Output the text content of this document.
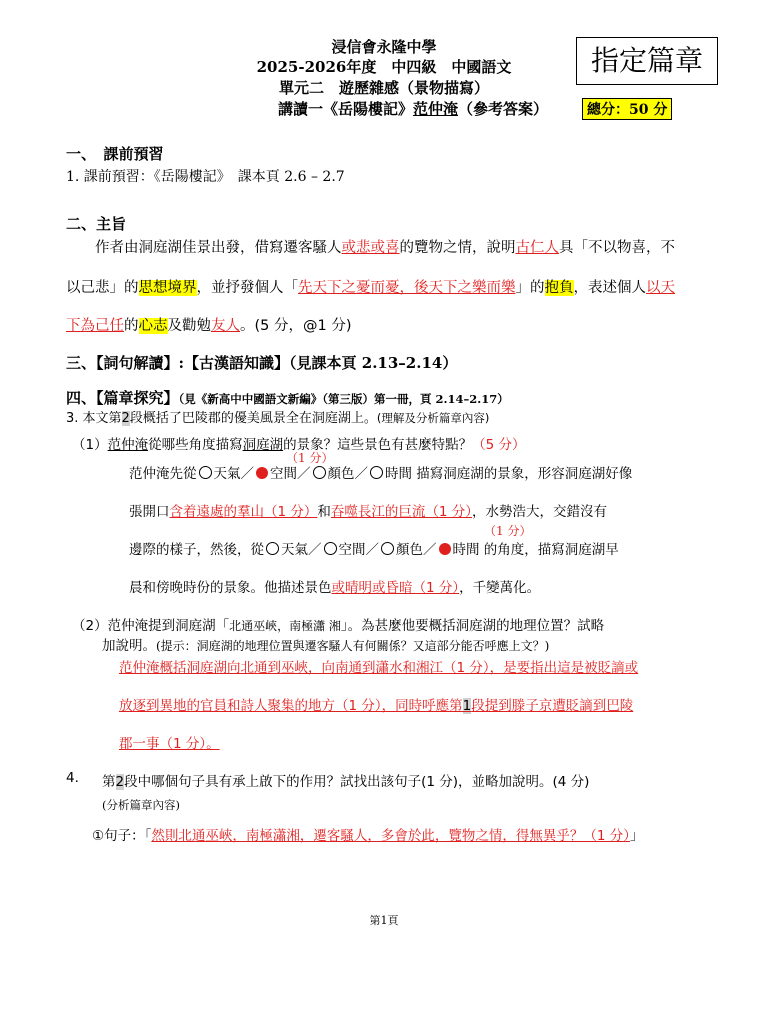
浸信會永隆中學
2025-2026年度　中四級　中國語文
單元二　遊歷雜感（景物描寫）
講讀一《岳陽樓記》范仲淹（參考答案）
指定篇章
總分：50 分
一、　課前預習
1. 課前預習：《岳陽樓記》　課本頁 2.6 – 2.7
二、主旨
　　作者由洞庭湖佳景出發，借寫遷客騷人或悲或喜的覽物之情，說明古仁人具「不以物喜，不
以己悲」的思想境界，並抒發個人「先天下之憂而憂，後天下之樂而樂」的抱負，表述個人以天
下為己任的心志及勸勉友人。(5 分，@1 分)
三、【詞句解讀】:【古漢語知識】（見課本頁 2.13–2.14）
四、【篇章探究】（見《新高中中國語文新編》（第三版）第一冊，頁 2.14–2.17）
3. 本文第2段概括了巴陵郡的優美風景全在洞庭湖上。(理解及分析篇章內容)
（1）范仲淹從哪些角度描寫洞庭湖的景象？這些景色有甚麼特點？（5 分）
（1 分）
范仲淹先從 天氣／ 空間／ 顏色／ 時間 描寫洞庭湖的景象，形容洞庭湖好像
張開口含着遠處的羣山（1 分）和吞噬長江的巨流（1 分），水勢浩大，交錯沒有
（1 分）
邊際的樣子，然後，從 天氣／ 空間／ 顏色／ 時間 的角度，描寫洞庭湖早
晨和傍晚時份的景象。他描述景色或晴明或昏暗（1 分），千變萬化。
（2）范仲淹提到洞庭湖「北通巫峽，南極瀟 湘」。為甚麼他要概括洞庭湖的地理位置？試略
加說明。(提示：洞庭湖的地理位置與遷客騷人有何關係？又這部分能否呼應上文？)
范仲淹概括洞庭湖向北通到巫峽，向南通到瀟水和湘江（1 分），是要指出這是被貶謫或
放逐到異地的官員和詩人聚集的地方（1 分），同時呼應第1段提到滕子京遭貶謫到巴陵
郡一事（1 分）。
4. 第2段中哪個句子具有承上啟下的作用？試找出該句子(1 分)，並略加說明。(4 分)
(分析篇章內容)
①句子：「然則北通巫峽，南極瀟湘，遷客騷人，多會於此，覽物之情，得無異乎？（1 分）」
第1頁
